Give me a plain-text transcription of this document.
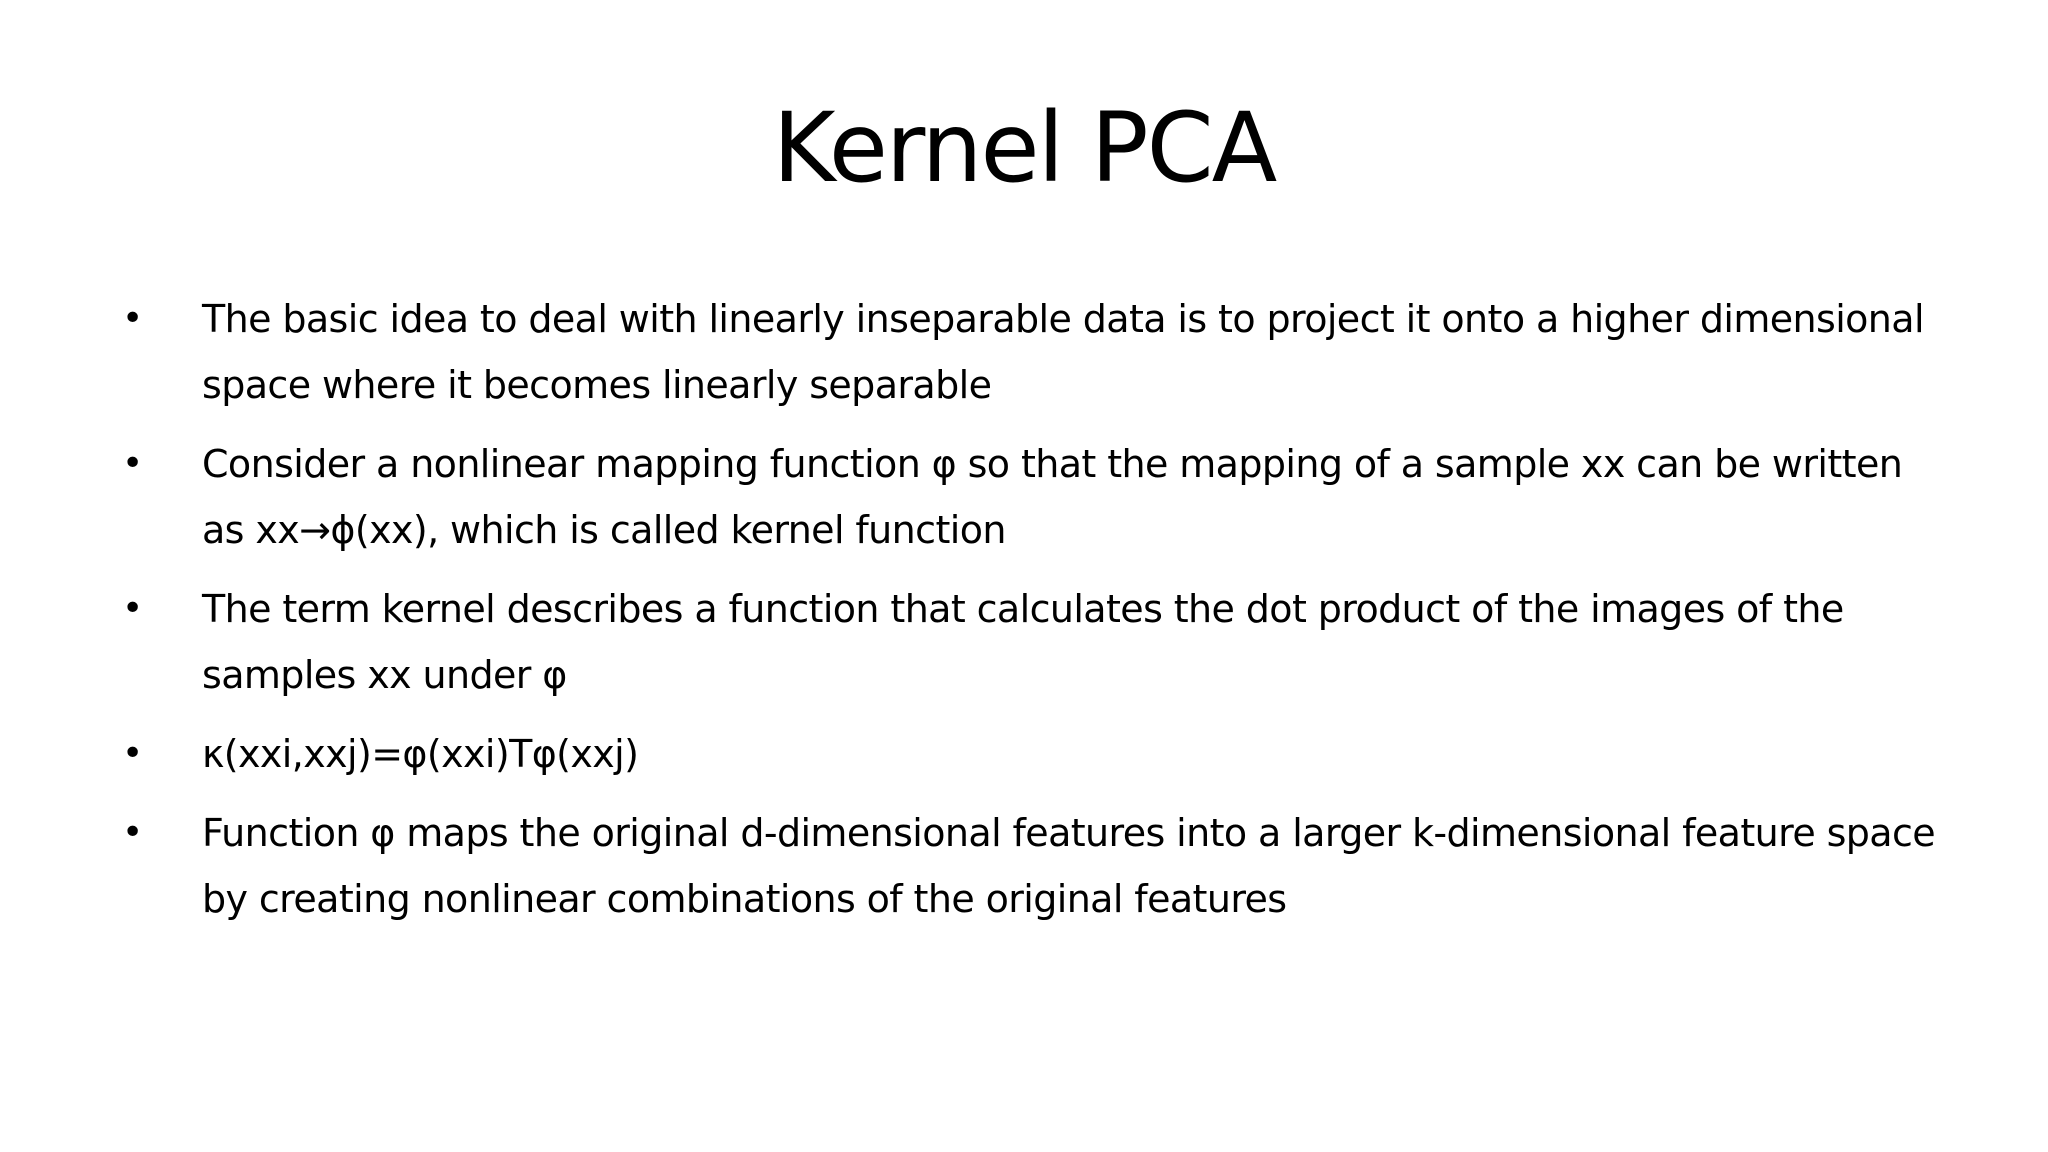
Kernel PCA
• The basic idea to deal with linearly inseparable data is to project it onto a higher dimensional space where it becomes linearly separable
• Consider a nonlinear mapping function φ so that the mapping of a sample xx can be written as xx→ϕ(xx), which is called kernel function
• The term kernel describes a function that calculates the dot product of the images of the samples xx under φ
• κ(xxi,xxj)=φ(xxi)Tφ(xxj)
• Function φ maps the original d-dimensional features into a larger k-dimensional feature space by creating nonlinear combinations of the original features
